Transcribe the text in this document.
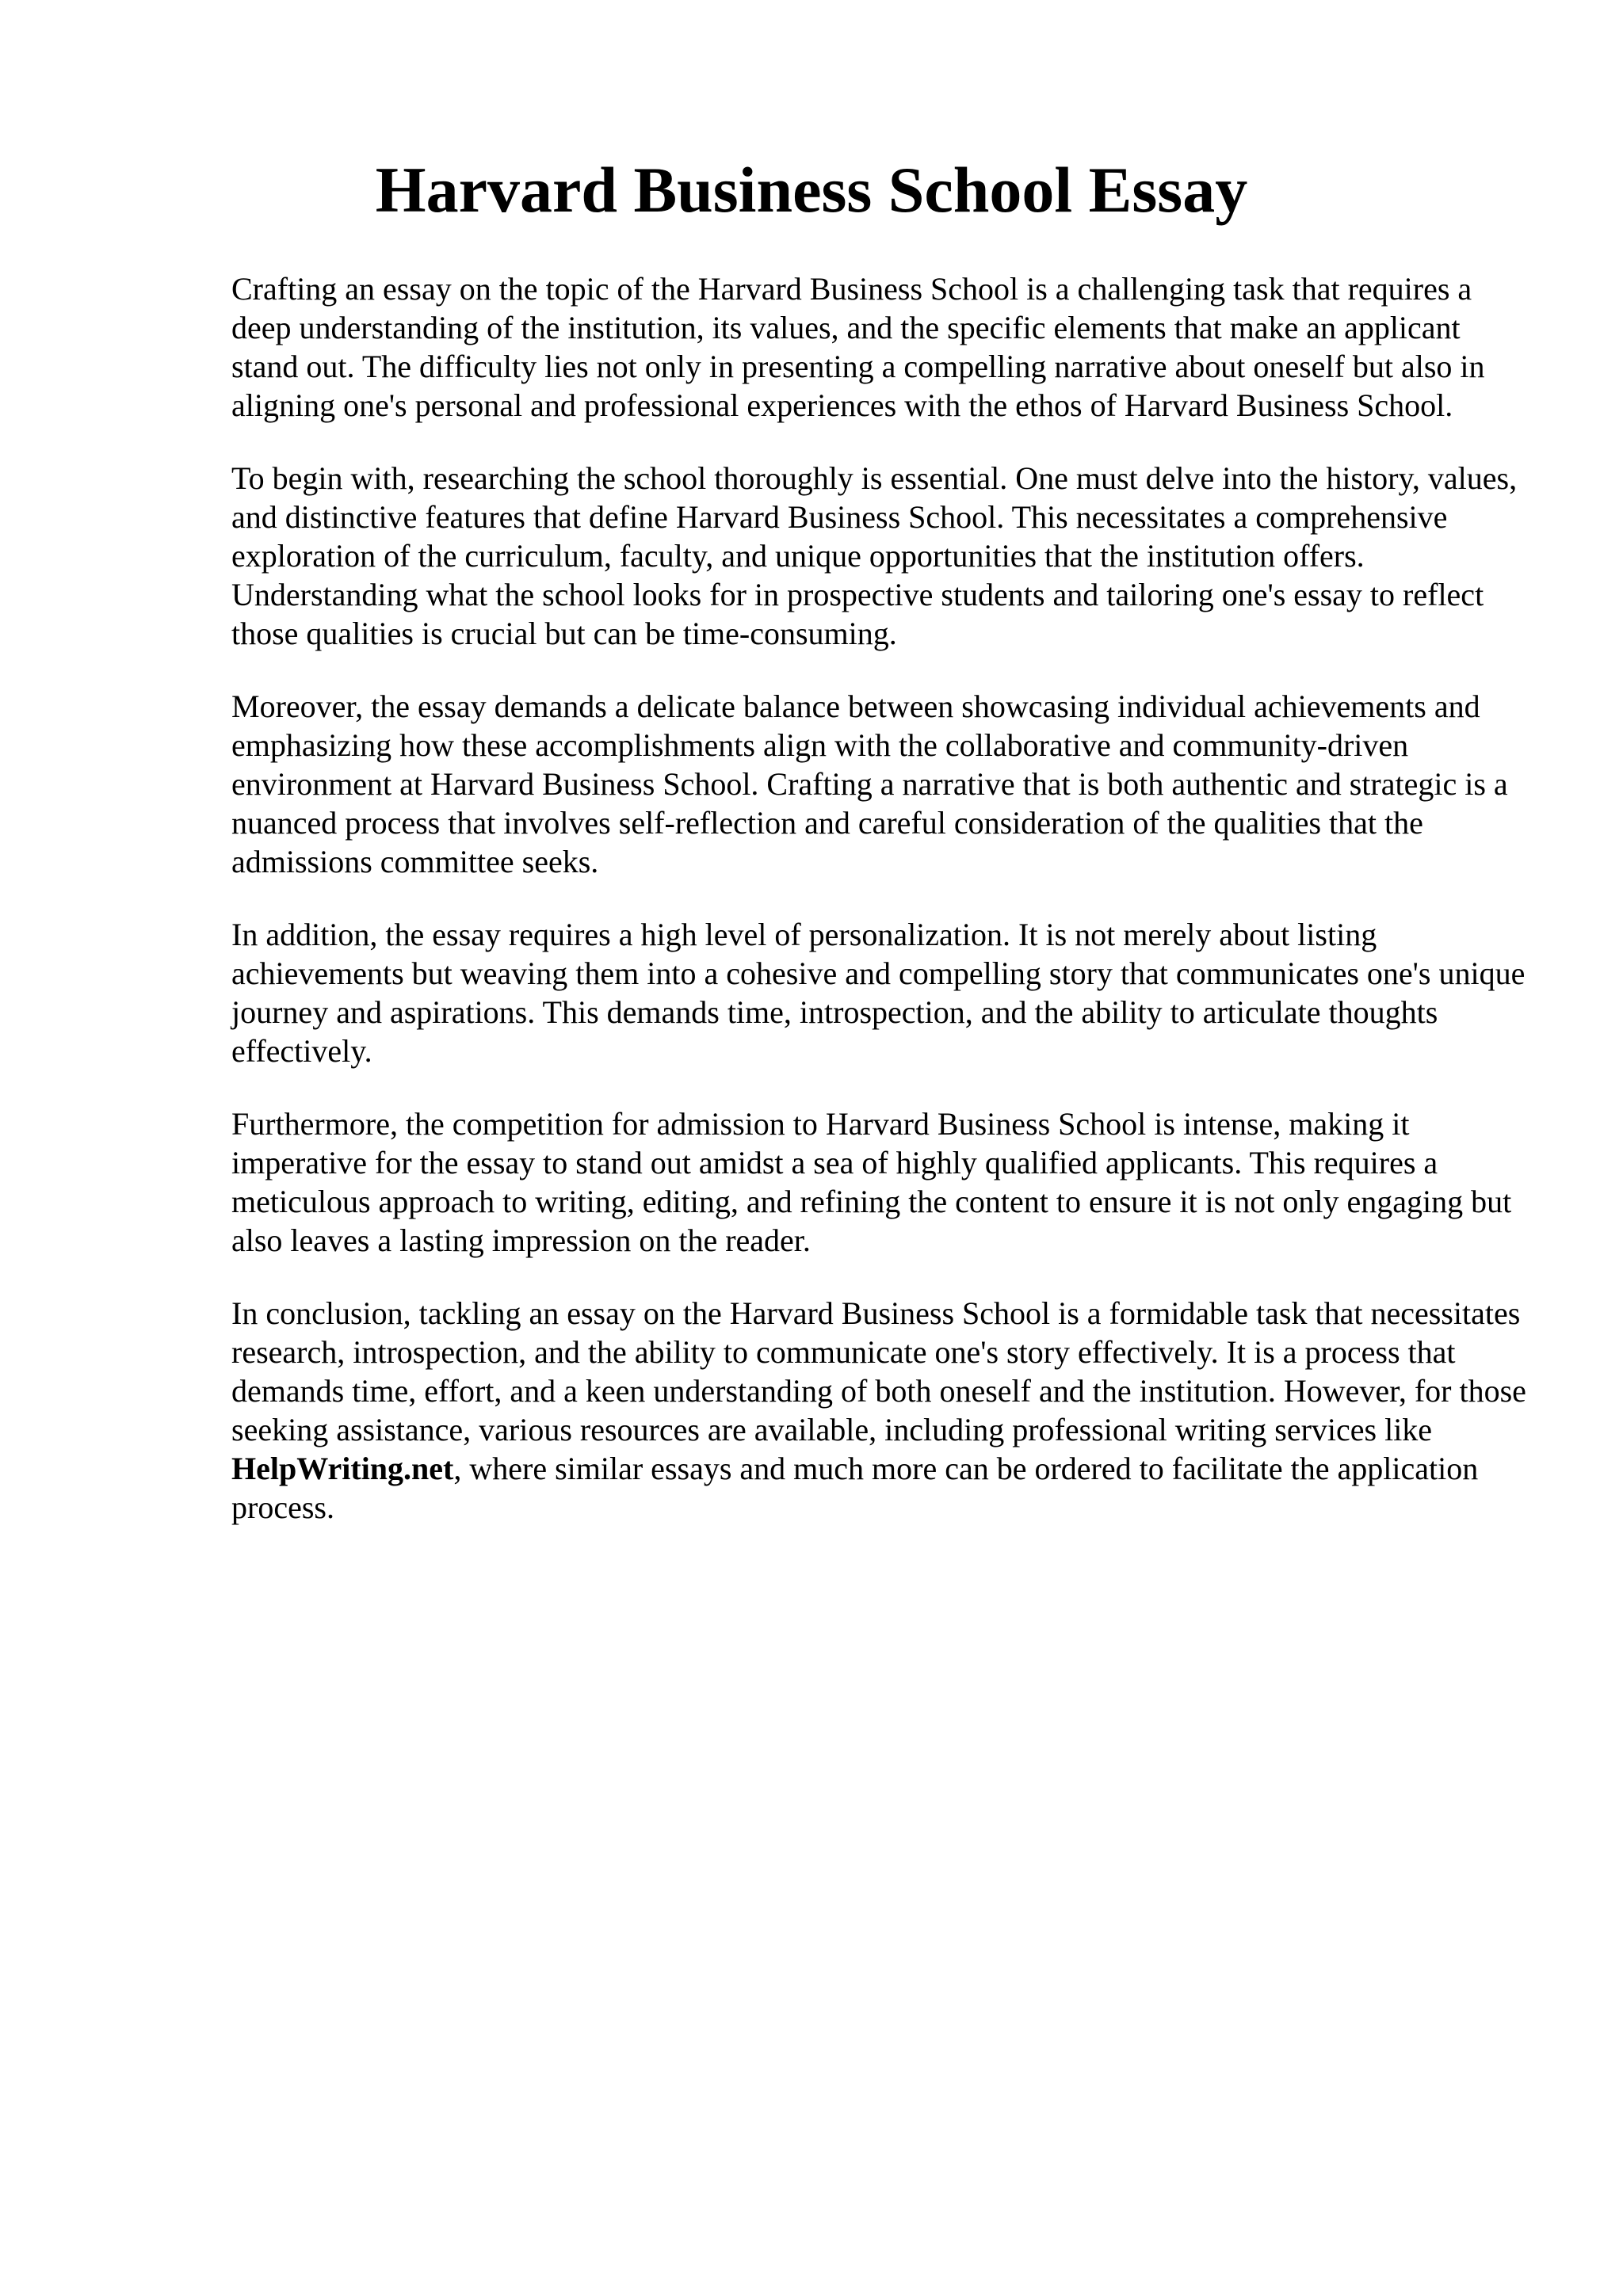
Harvard Business School Essay

Crafting an essay on the topic of the Harvard Business School is a challenging task that requires a deep understanding of the institution, its values, and the specific elements that make an applicant stand out. The difficulty lies not only in presenting a compelling narrative about oneself but also in aligning one's personal and professional experiences with the ethos of Harvard Business School.

To begin with, researching the school thoroughly is essential. One must delve into the history, values, and distinctive features that define Harvard Business School. This necessitates a comprehensive exploration of the curriculum, faculty, and unique opportunities that the institution offers. Understanding what the school looks for in prospective students and tailoring one's essay to reflect those qualities is crucial but can be time-consuming.

Moreover, the essay demands a delicate balance between showcasing individual achievements and emphasizing how these accomplishments align with the collaborative and community-driven environment at Harvard Business School. Crafting a narrative that is both authentic and strategic is a nuanced process that involves self-reflection and careful consideration of the qualities that the admissions committee seeks.

In addition, the essay requires a high level of personalization. It is not merely about listing achievements but weaving them into a cohesive and compelling story that communicates one's unique journey and aspirations. This demands time, introspection, and the ability to articulate thoughts effectively.

Furthermore, the competition for admission to Harvard Business School is intense, making it imperative for the essay to stand out amidst a sea of highly qualified applicants. This requires a meticulous approach to writing, editing, and refining the content to ensure it is not only engaging but also leaves a lasting impression on the reader.

In conclusion, tackling an essay on the Harvard Business School is a formidable task that necessitates research, introspection, and the ability to communicate one's story effectively. It is a process that demands time, effort, and a keen understanding of both oneself and the institution. However, for those seeking assistance, various resources are available, including professional writing services like HelpWriting.net, where similar essays and much more can be ordered to facilitate the application process.
